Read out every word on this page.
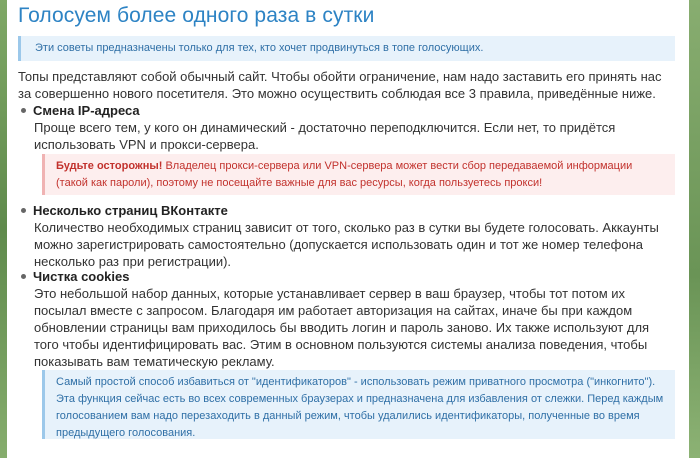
Голосуем более одного раза в сутки
Эти советы предназначены только для тех, кто хочет продвинуться в топе голосующих.

Топы представляют собой обычный сайт. Чтобы обойти ограничение, нам надо заставить его принять нас за совершенно нового посетителя. Это можно осуществить соблюдая все 3 правила, приведённые ниже.

Смена IP-адреса

Проще всего тем, у кого он динамический - достаточно переподключится. Если нет, то придётся использовать VPN и прокси-сервера.

Будьте осторожны! Владелец прокси-сервера или VPN-сервера может вести сбор передаваемой информации (такой как пароли), поэтому не посещайте важные для вас ресурсы, когда пользуетесь прокси!

Несколько страниц ВКонтакте

Количество необходимых страниц зависит от того, сколько раз в сутки вы будете голосовать. Аккаунты можно зарегистрировать самостоятельно (допускается использовать один и тот же номер телефона несколько раз при регистрации).

Чистка cookies

Это небольшой набор данных, которые устанавливает сервер в ваш браузер, чтобы тот потом их посылал вместе с запросом. Благодаря им работает авторизация на сайтах, иначе бы при каждом обновлении страницы вам приходилось бы вводить логин и пароль заново. Их также используют для того чтобы идентифицировать вас. Этим в основном пользуются системы анализа поведения, чтобы показывать вам тематическую рекламу.

Самый простой способ избавиться от "идентификаторов" - использовать режим приватного просмотра ("инкогнито"). Эта функция сейчас есть во всех современных браузерах и предназначена для избавления от слежки. Перед каждым голосованием вам надо перезаходить в данный режим, чтобы удалились идентификаторы, полученные во время предыдущего голосования.
